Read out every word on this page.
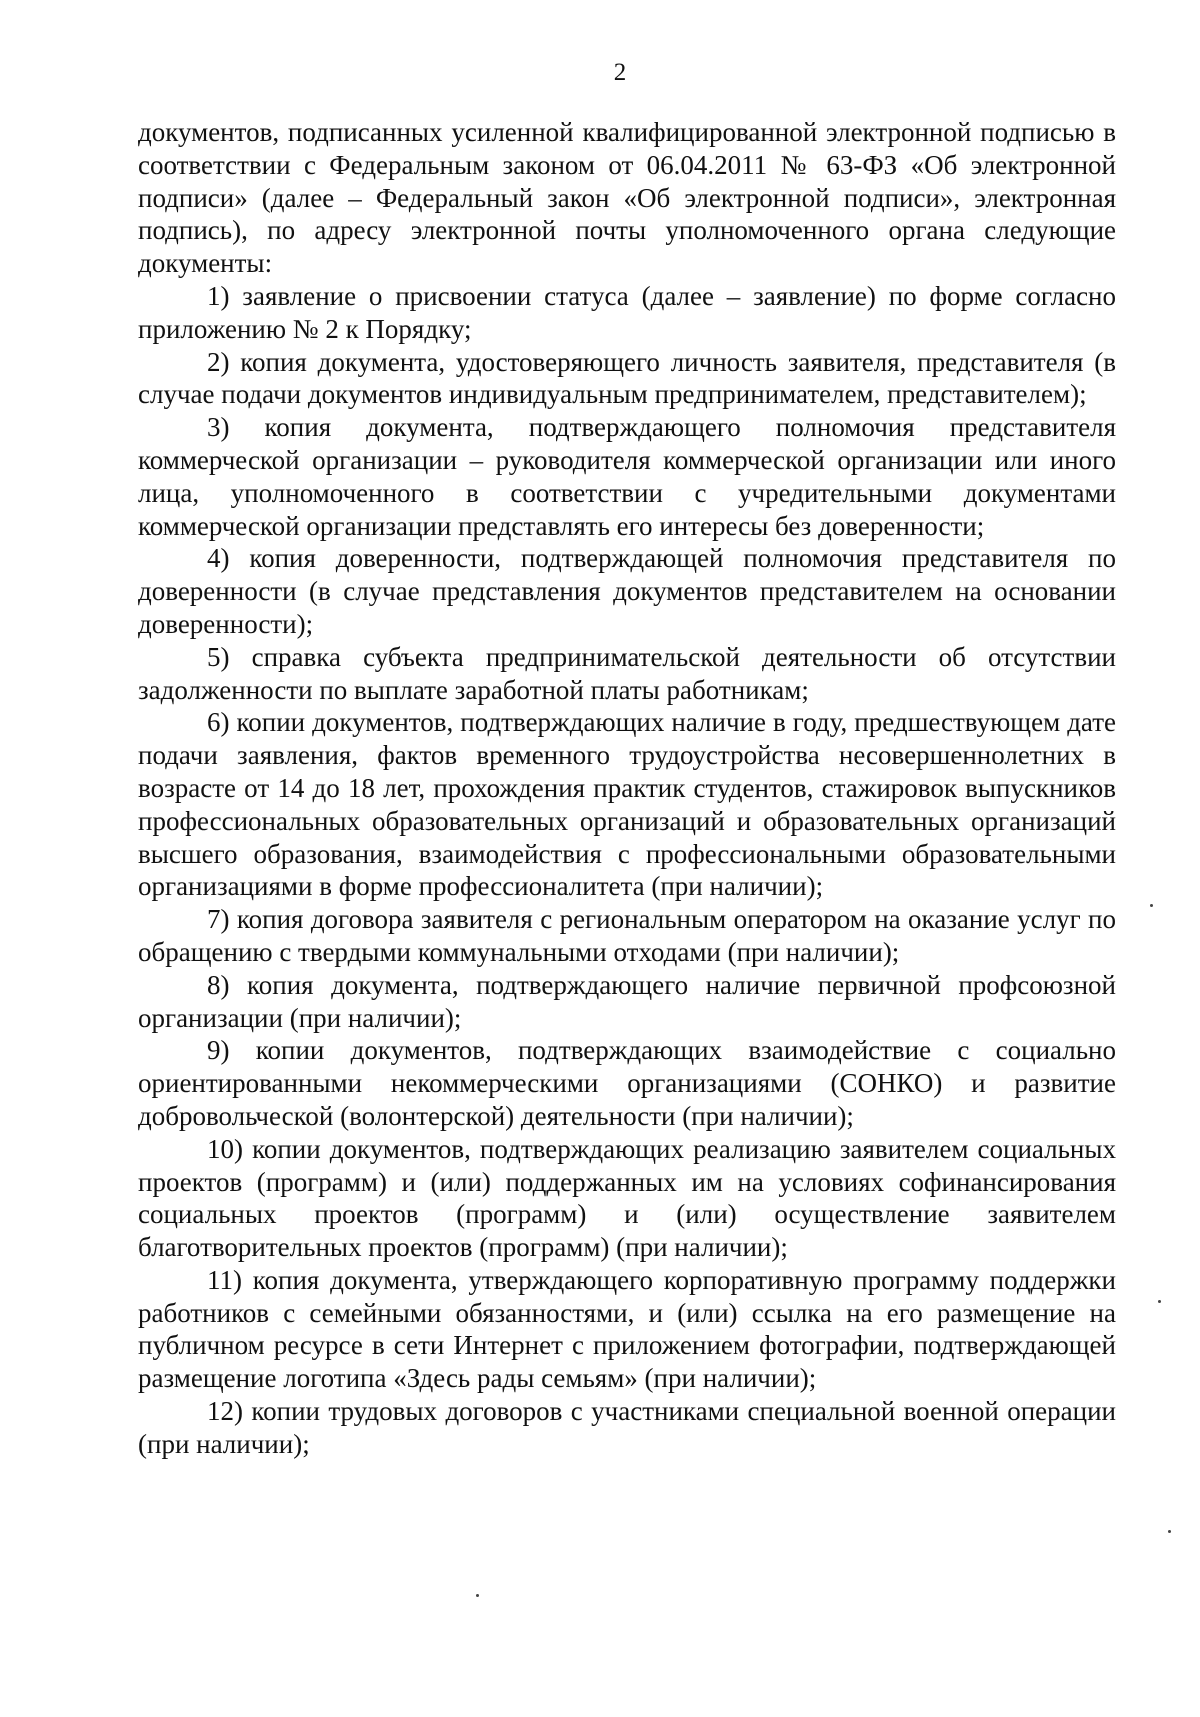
2

документов, подписанных усиленной квалифицированной электронной подписью в соответствии с Федеральным законом от 06.04.2011 № 63-ФЗ «Об электронной подписи» (далее – Федеральный закон «Об электронной подписи», электронная подпись), по адресу электронной почты уполномоченного органа следующие документы:

1) заявление о присвоении статуса (далее – заявление) по форме согласно приложению № 2 к Порядку;

2) копия документа, удостоверяющего личность заявителя, представителя (в случае подачи документов индивидуальным предпринимателем, представителем);

3) копия документа, подтверждающего полномочия представителя коммерческой организации – руководителя коммерческой организации или иного лица, уполномоченного в соответствии с учредительными документами коммерческой организации представлять его интересы без доверенности;

4) копия доверенности, подтверждающей полномочия представителя по доверенности (в случае представления документов представителем на основании доверенности);

5) справка субъекта предпринимательской деятельности об отсутствии задолженности по выплате заработной платы работникам;

6) копии документов, подтверждающих наличие в году, предшествующем дате подачи заявления, фактов временного трудоустройства несовершеннолетних в возрасте от 14 до 18 лет, прохождения практик студентов, стажировок выпускников профессиональных образовательных организаций и образовательных организаций высшего образования, взаимодействия с профессиональными образовательными организациями в форме профессионалитета (при наличии);

7) копия договора заявителя с региональным оператором на оказание услуг по обращению с твердыми коммунальными отходами (при наличии);

8) копия документа, подтверждающего наличие первичной профсоюзной организации (при наличии);

9) копии документов, подтверждающих взаимодействие с социально ориентированными некоммерческими организациями (СОНКО) и развитие добровольческой (волонтерской) деятельности (при наличии);

10) копии документов, подтверждающих реализацию заявителем социальных проектов (программ) и (или) поддержанных им на условиях софинансирования социальных проектов (программ) и (или) осуществление заявителем благотворительных проектов (программ) (при наличии);

11) копия документа, утверждающего корпоративную программу поддержки работников с семейными обязанностями, и (или) ссылка на его размещение на публичном ресурсе в сети Интернет с приложением фотографии, подтверждающей размещение логотипа «Здесь рады семьям» (при наличии);

12) копии трудовых договоров с участниками специальной военной операции (при наличии);
